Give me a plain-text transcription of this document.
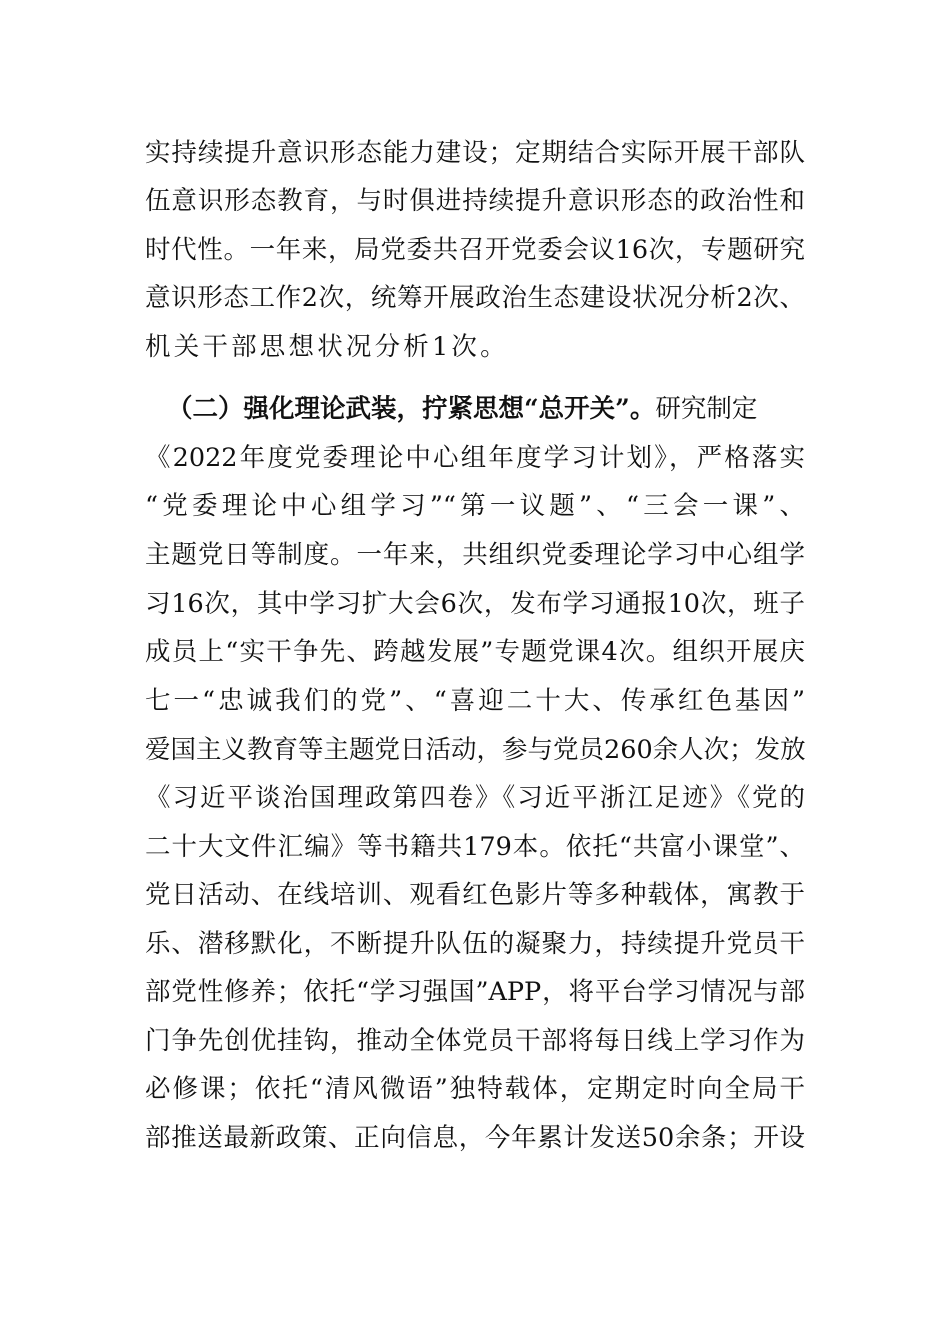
实持续提升意识形态能力建设；定期结合实际开展干部队
伍意识形态教育，与时俱进持续提升意识形态的政治性和
时代性。一年来，局党委共召开党委会议16次，专题研究
意识形态工作2次，统筹开展政治生态建设状况分析2次、
机关干部思想状况分析1次。
（二）强化理论武装，拧紧思想“总开关”。研究制定
《2022年度党委理论中心组年度学习计划》，严格落实
“党委理论中心组学习”“第一议题”、“三会一课”、
主题党日等制度。一年来，共组织党委理论学习中心组学
习16次，其中学习扩大会6次，发布学习通报10次，班子
成员上“实干争先、跨越发展”专题党课4次。组织开展庆
七一“忠诚我们的党”、“喜迎二十大、传承红色基因”
爱国主义教育等主题党日活动，参与党员260余人次；发放
《习近平谈治国理政第四卷》《习近平浙江足迹》《党的
二十大文件汇编》等书籍共179本。依托“共富小课堂”、
党日活动、在线培训、观看红色影片等多种载体，寓教于
乐、潜移默化，不断提升队伍的凝聚力，持续提升党员干
部党性修养；依托“学习强国”APP，将平台学习情况与部
门争先创优挂钩，推动全体党员干部将每日线上学习作为
必修课；依托“清风微语”独特载体，定期定时向全局干
部推送最新政策、正向信息，今年累计发送50余条；开设
